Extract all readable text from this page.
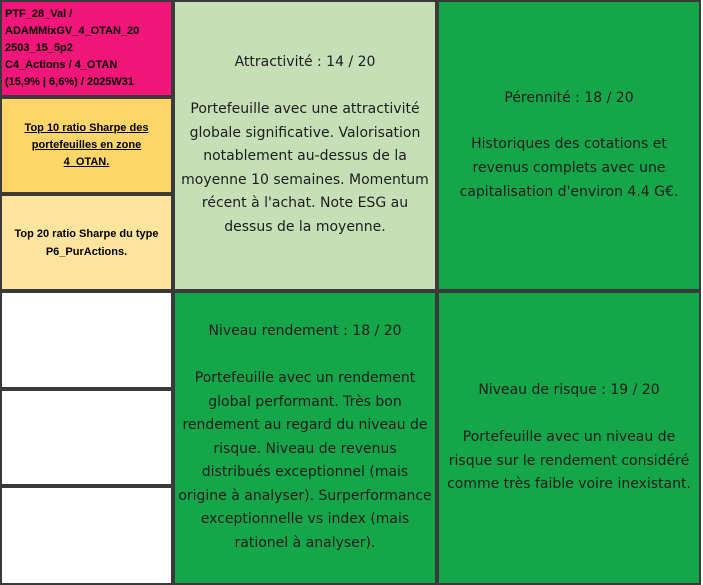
PTF_28_Val /
ADAMMixGV_4_OTAN_20
2503_15_5p2
C4_Actions / 4_OTAN
(15,9% | 6,6%) / 2025W31
Top 10 ratio Sharpe des portefeuilles en zone 4_OTAN.
Top 20 ratio Sharpe du type P6_PurActions.

Attractivité : 14 / 20

Portefeuille avec une attractivité globale significative. Valorisation notablement au-dessus de la moyenne 10 semaines. Momentum récent à l'achat. Note ESG au dessus de la moyenne.

Pérennité : 18 / 20

Historiques des cotations et revenus complets avec une capitalisation d'environ 4.4 G€.

Niveau rendement : 18 / 20

Portefeuille avec un rendement global performant. Très bon rendement au regard du niveau de risque. Niveau de revenus distribués exceptionnel (mais origine à analyser). Surperformance exceptionnelle vs index (mais rationel à analyser).

Niveau de risque : 19 / 20

Portefeuille avec un niveau de risque sur le rendement considéré comme très faible voire inexistant.
